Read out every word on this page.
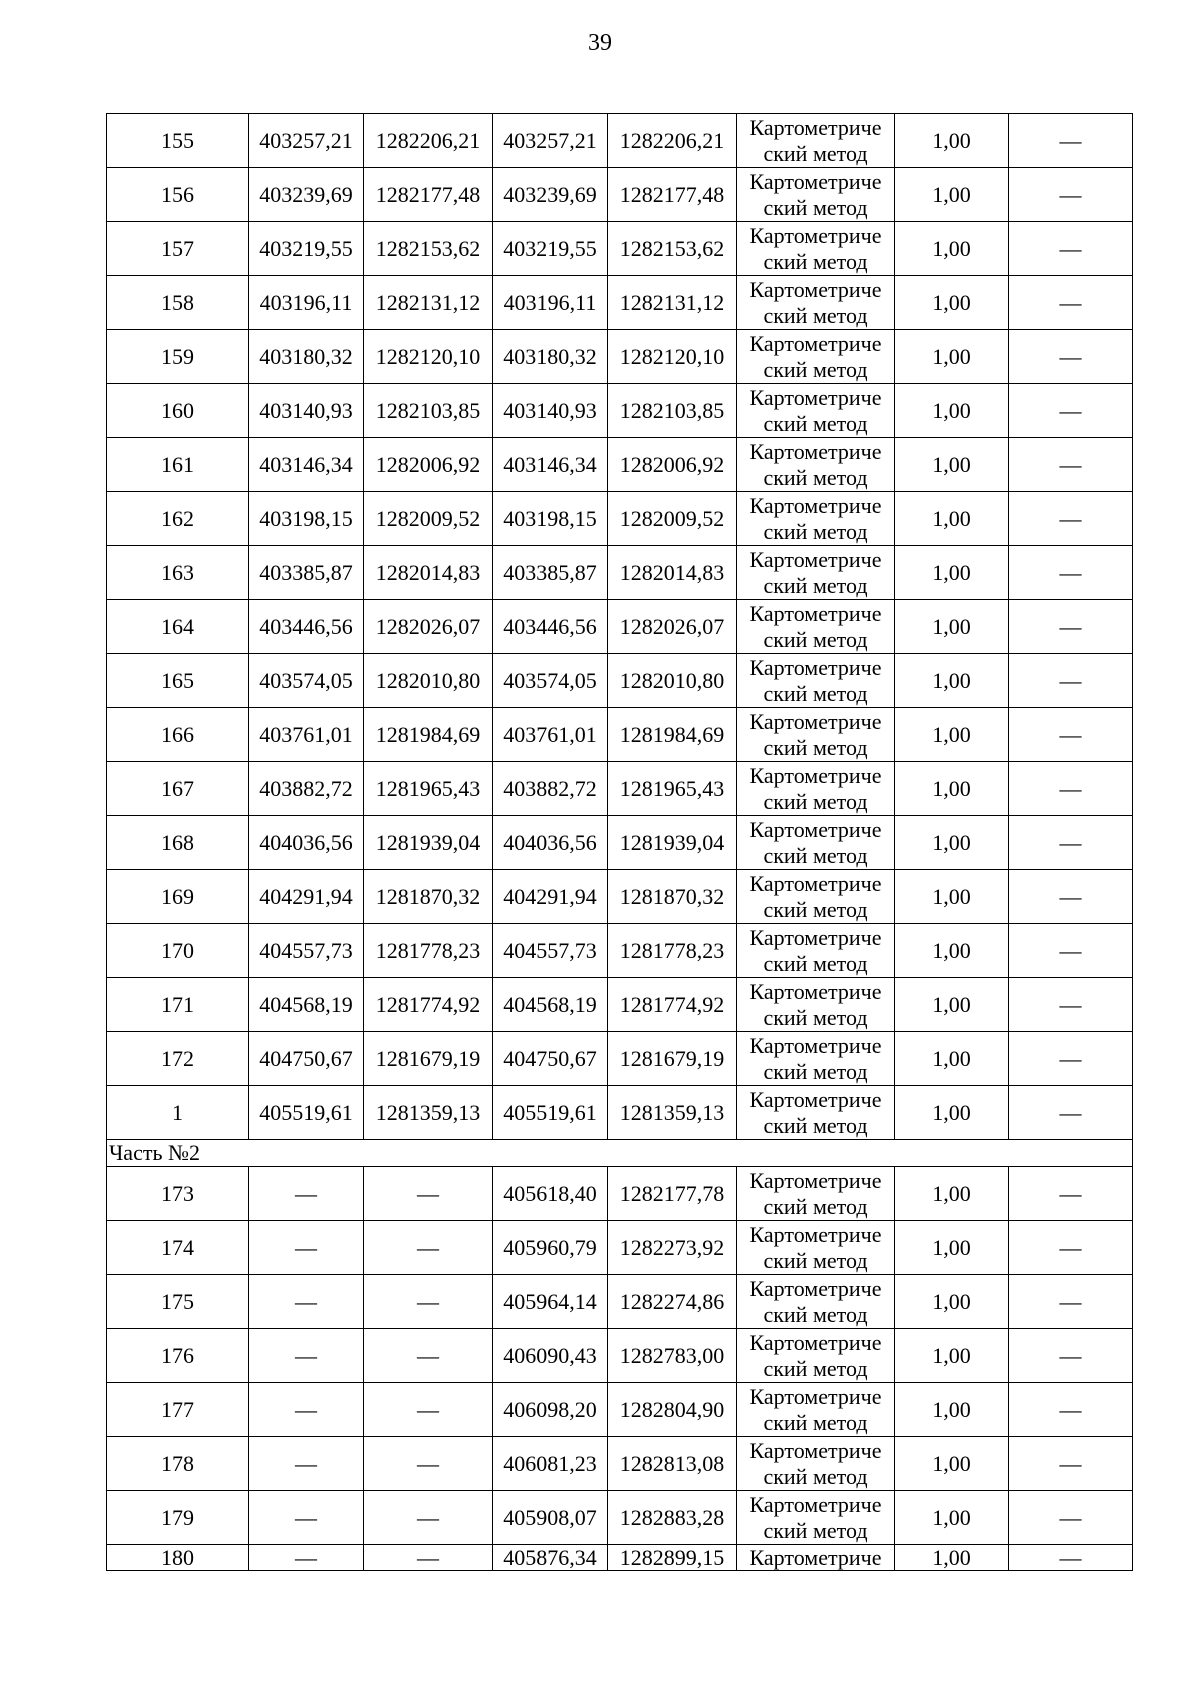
39
155	403257,21	1282206,21	403257,21	1282206,21	Картометриче
ский метод	1,00	—
156	403239,69	1282177,48	403239,69	1282177,48	Картометриче
ский метод	1,00	—
157	403219,55	1282153,62	403219,55	1282153,62	Картометриче
ский метод	1,00	—
158	403196,11	1282131,12	403196,11	1282131,12	Картометриче
ский метод	1,00	—
159	403180,32	1282120,10	403180,32	1282120,10	Картометриче
ский метод	1,00	—
160	403140,93	1282103,85	403140,93	1282103,85	Картометриче
ский метод	1,00	—
161	403146,34	1282006,92	403146,34	1282006,92	Картометриче
ский метод	1,00	—
162	403198,15	1282009,52	403198,15	1282009,52	Картометриче
ский метод	1,00	—
163	403385,87	1282014,83	403385,87	1282014,83	Картометриче
ский метод	1,00	—
164	403446,56	1282026,07	403446,56	1282026,07	Картометриче
ский метод	1,00	—
165	403574,05	1282010,80	403574,05	1282010,80	Картометриче
ский метод	1,00	—
166	403761,01	1281984,69	403761,01	1281984,69	Картометриче
ский метод	1,00	—
167	403882,72	1281965,43	403882,72	1281965,43	Картометриче
ский метод	1,00	—
168	404036,56	1281939,04	404036,56	1281939,04	Картометриче
ский метод	1,00	—
169	404291,94	1281870,32	404291,94	1281870,32	Картометриче
ский метод	1,00	—
170	404557,73	1281778,23	404557,73	1281778,23	Картометриче
ский метод	1,00	—
171	404568,19	1281774,92	404568,19	1281774,92	Картометриче
ский метод	1,00	—
172	404750,67	1281679,19	404750,67	1281679,19	Картометриче
ский метод	1,00	—
1	405519,61	1281359,13	405519,61	1281359,13	Картометриче
ский метод	1,00	—
Часть №2							
173	—	—	405618,40	1282177,78	Картометриче
ский метод	1,00	—
174	—	—	405960,79	1282273,92	Картометриче
ский метод	1,00	—
175	—	—	405964,14	1282274,86	Картометриче
ский метод	1,00	—
176	—	—	406090,43	1282783,00	Картометриче
ский метод	1,00	—
177	—	—	406098,20	1282804,90	Картометриче
ский метод	1,00	—
178	—	—	406081,23	1282813,08	Картометриче
ский метод	1,00	—
179	—	—	405908,07	1282883,28	Картометриче
ский метод	1,00	—
180	—	—	405876,34	1282899,15	Картометриче	1,00	—
